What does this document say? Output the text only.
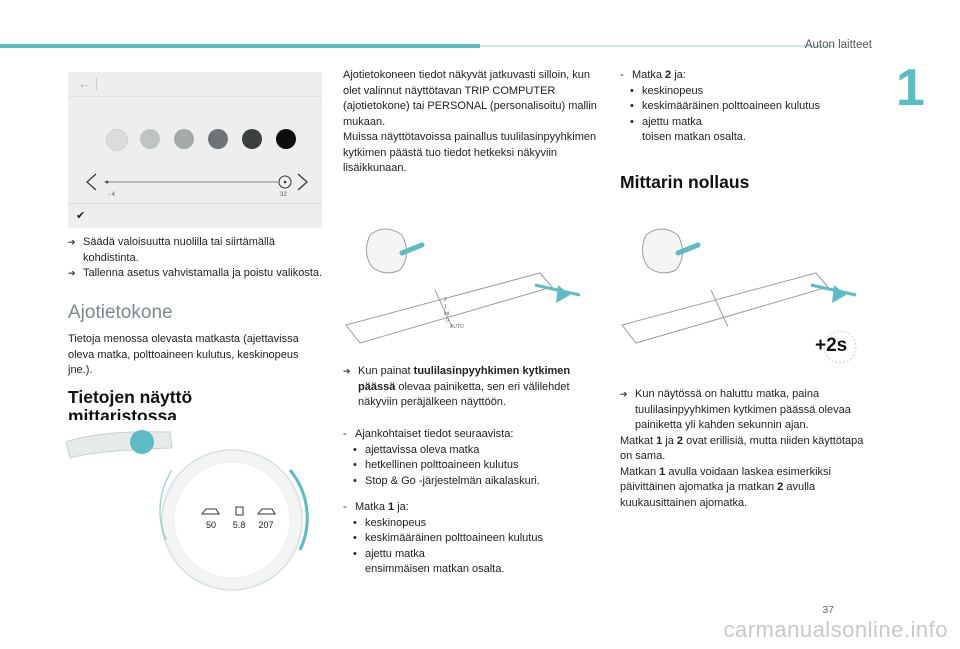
Auton laitteet
1
←
- 4	32
✔
➔ Säädä valoisuutta nuolilla tai siirtämällä kohdistinta.
➔ Tallenna asetus vahvistamalla ja poistu valikosta.
Ajotietokone
Tietoja menossa olevasta matkasta (ajettavissa oleva matka, polttoaineen kulutus, keskinopeus jne.).
Tietojen näyttö
mittaristossa
50 5.8 207
Ajotietokoneen tiedot näkyvät jatkuvasti silloin, kun olet valinnut näyttötavan TRIP COMPUTER (ajotietokone) tai PERSONAL (personalisoitu) mallin mukaan.
Muissa näyttötavoissa painallus tuulilasinpyyhkimen kytkimen päästä tuo tiedot hetkeksi näkyviin lisäikkunaan.
2
1
int
0
AUTO
➔ Kun painat tuulilasinpyyhkimen kytkimen päässä olevaa painiketta, sen eri välilehdet näkyviin peräjälkeen näyttöön.
- Ajankohtaiset tiedot seuraavista:
• ajettavissa oleva matka
• hetkellinen polttoaineen kulutus
• Stop & Go -järjestelmän aikalaskuri.
- Matka 1 ja:
• keskinopeus
• keskimääräinen polttoaineen kulutus
• ajettu matka
ensimmäisen matkan osalta.
- Matka 2 ja:
• keskinopeus
• keskimääräinen polttoaineen kulutus
• ajettu matka
toisen matkan osalta.
Mittarin nollaus
+2s
➔ Kun näytössä on haluttu matka, paina tuulilasinpyyhkimen kytkimen päässä olevaa painiketta yli kahden sekunnin ajan.
Matkat 1 ja 2 ovat erillisiä, mutta niiden käyttötapa on sama.
Matkan 1 avulla voidaan laskea esimerkiksi päivittäinen ajomatka ja matkan 2 avulla kuukausittainen ajomatka.
37
carmanualsonline.info
